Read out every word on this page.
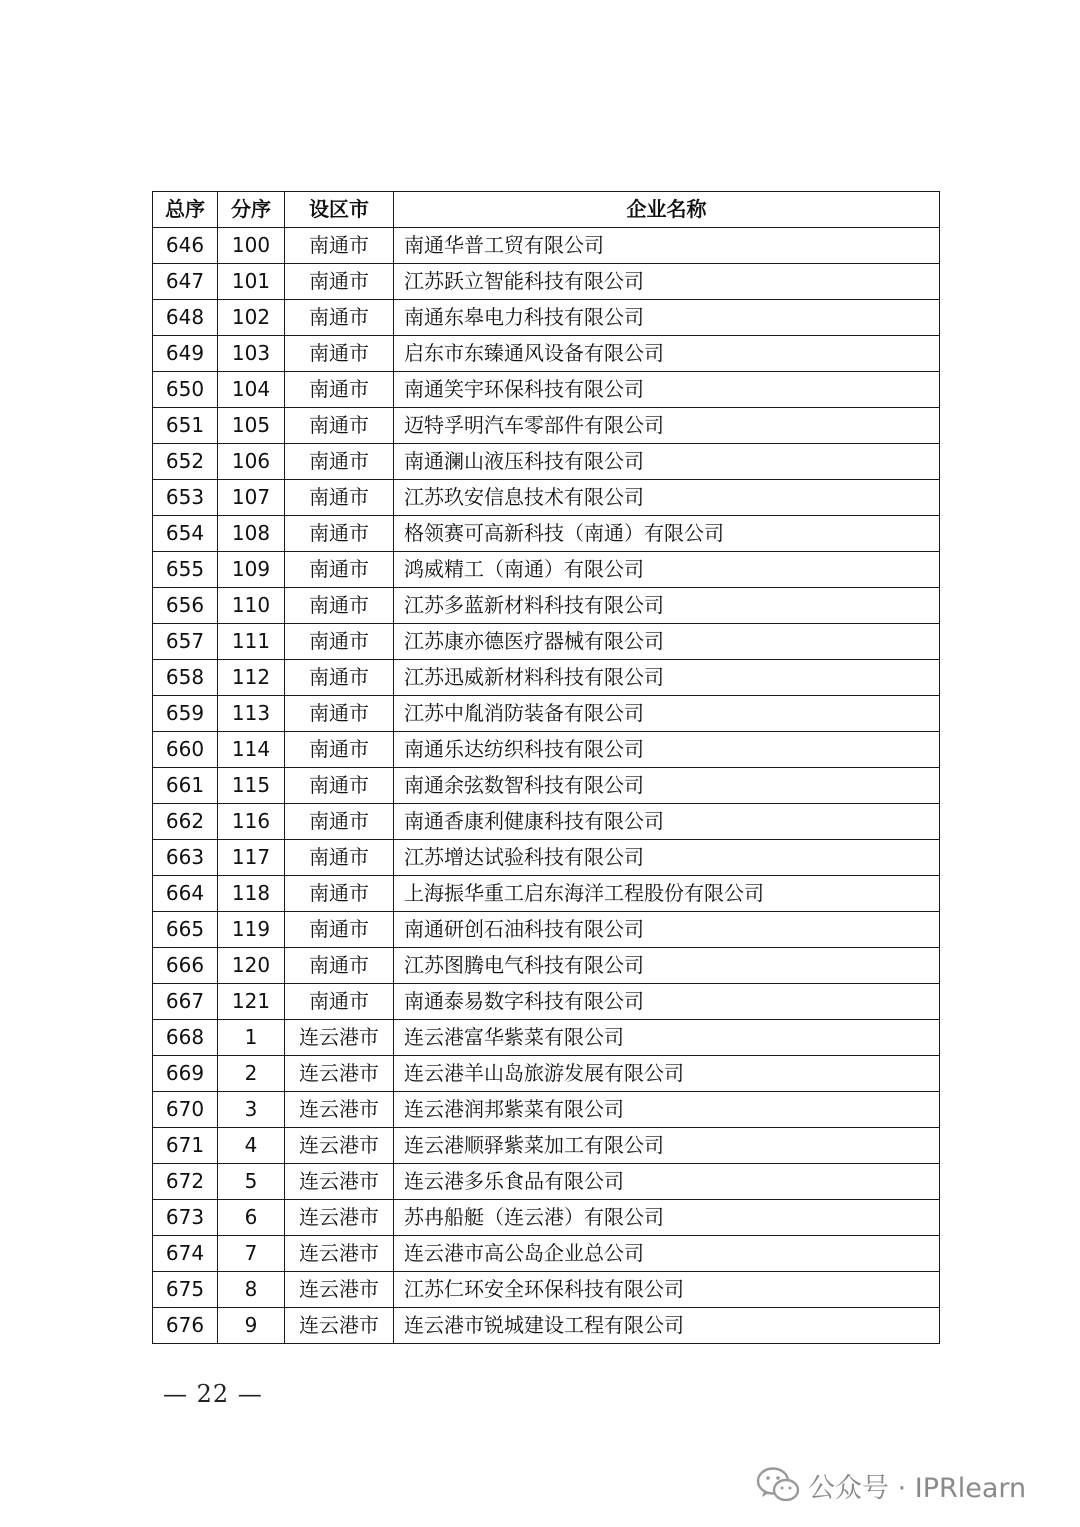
总序	分序	设区市	企业名称
646	100	南通市	南通华普工贸有限公司
647	101	南通市	江苏跃立智能科技有限公司
648	102	南通市	南通东皋电力科技有限公司
649	103	南通市	启东市东臻通风设备有限公司
650	104	南通市	南通笑宇环保科技有限公司
651	105	南通市	迈特孚明汽车零部件有限公司
652	106	南通市	南通澜山液压科技有限公司
653	107	南通市	江苏玖安信息技术有限公司
654	108	南通市	格领赛可高新科技（南通）有限公司
655	109	南通市	鸿威精工（南通）有限公司
656	110	南通市	江苏多蓝新材料科技有限公司
657	111	南通市	江苏康亦德医疗器械有限公司
658	112	南通市	江苏迅威新材料科技有限公司
659	113	南通市	江苏中胤消防装备有限公司
660	114	南通市	南通乐达纺织科技有限公司
661	115	南通市	南通余弦数智科技有限公司
662	116	南通市	南通香康利健康科技有限公司
663	117	南通市	江苏增达试验科技有限公司
664	118	南通市	上海振华重工启东海洋工程股份有限公司
665	119	南通市	南通研创石油科技有限公司
666	120	南通市	江苏图腾电气科技有限公司
667	121	南通市	南通泰易数字科技有限公司
668	1	连云港市	连云港富华紫菜有限公司
669	2	连云港市	连云港羊山岛旅游发展有限公司
670	3	连云港市	连云港润邦紫菜有限公司
671	4	连云港市	连云港顺驿紫菜加工有限公司
672	5	连云港市	连云港多乐食品有限公司
673	6	连云港市	苏冉船艇（连云港）有限公司
674	7	连云港市	连云港市高公岛企业总公司
675	8	连云港市	江苏仁环安全环保科技有限公司
676	9	连云港市	连云港市锐城建设工程有限公司
— 22 —
公众号 · IPRlearn
